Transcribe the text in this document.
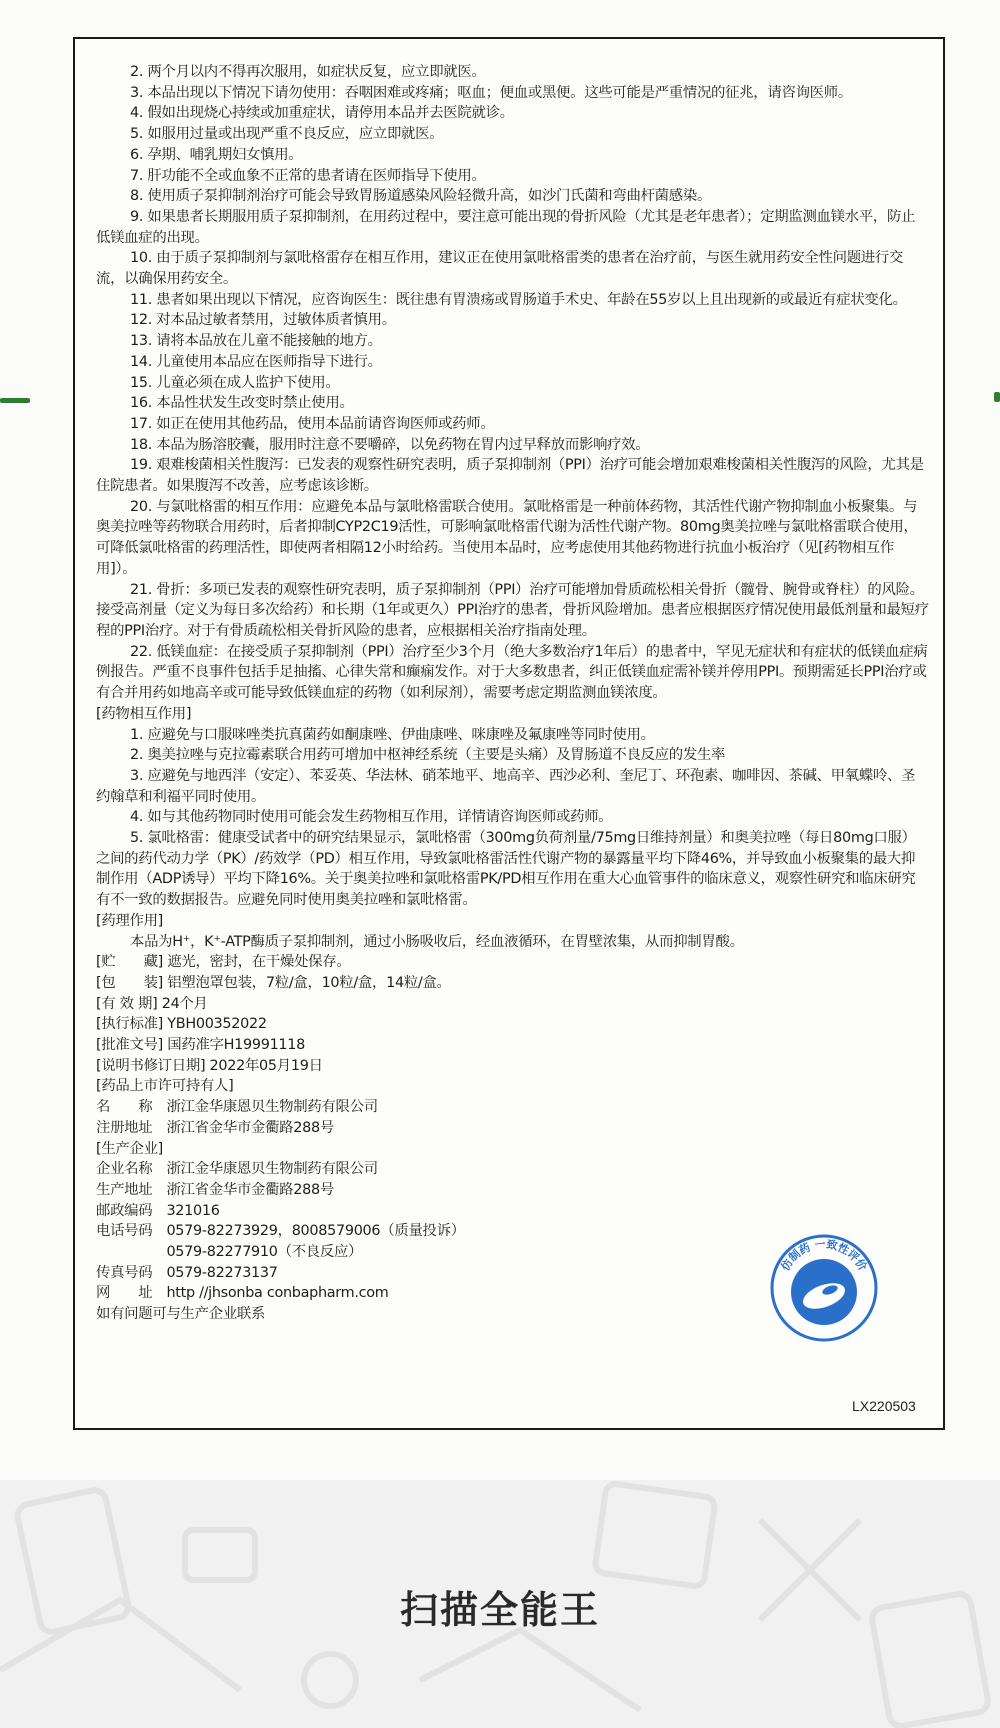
2. 两个月以内不得再次服用，如症状反复，应立即就医。

3. 本品出现以下情况下请勿使用：吞咽困难或疼痛；呕血；便血或黑便。这些可能是严重情况的征兆，请咨询医师。

4. 假如出现烧心持续或加重症状，请停用本品并去医院就诊。

5. 如服用过量或出现严重不良反应，应立即就医。

6. 孕期、哺乳期妇女慎用。

7. 肝功能不全或血象不正常的患者请在医师指导下使用。

8. 使用质子泵抑制剂治疗可能会导致胃肠道感染风险轻微升高，如沙门氏菌和弯曲杆菌感染。

9. 如果患者长期服用质子泵抑制剂，在用药过程中，要注意可能出现的骨折风险（尤其是老年患者）；定期监测血镁水平，防止低镁血症的出现。

10. 由于质子泵抑制剂与氯吡格雷存在相互作用，建议正在使用氯吡格雷类的患者在治疗前，与医生就用药安全性问题进行交流，以确保用药安全。

11. 患者如果出现以下情况，应咨询医生：既往患有胃溃疡或胃肠道手术史、年龄在55岁以上且出现新的或最近有症状变化。

12. 对本品过敏者禁用，过敏体质者慎用。

13. 请将本品放在儿童不能接触的地方。

14. 儿童使用本品应在医师指导下进行。

15. 儿童必须在成人监护下使用。

16. 本品性状发生改变时禁止使用。

17. 如正在使用其他药品，使用本品前请咨询医师或药师。

18. 本品为肠溶胶囊，服用时注意不要嚼碎，以免药物在胃内过早释放而影响疗效。

19. 艰难梭菌相关性腹泻：已发表的观察性研究表明，质子泵抑制剂（PPI）治疗可能会增加艰难梭菌相关性腹泻的风险，尤其是住院患者。如果腹泻不改善，应考虑该诊断。

20. 与氯吡格雷的相互作用：应避免本品与氯吡格雷联合使用。氯吡格雷是一种前体药物，其活性代谢产物抑制血小板聚集。与奥美拉唑等药物联合用药时，后者抑制CYP2C19活性，可影响氯吡格雷代谢为活性代谢产物。80mg奥美拉唑与氯吡格雷联合使用，可降低氯吡格雷的药理活性，即使两者相隔12小时给药。当使用本品时，应考虑使用其他药物进行抗血小板治疗（见[药物相互作用]）。

21. 骨折：多项已发表的观察性研究表明，质子泵抑制剂（PPI）治疗可能增加骨质疏松相关骨折（髋骨、腕骨或脊柱）的风险。接受高剂量（定义为每日多次给药）和长期（1年或更久）PPI治疗的患者，骨折风险增加。患者应根据医疗情况使用最低剂量和最短疗程的PPI治疗。对于有骨质疏松相关骨折风险的患者，应根据相关治疗指南处理。

22. 低镁血症：在接受质子泵抑制剂（PPI）治疗至少3个月（绝大多数治疗1年后）的患者中，罕见无症状和有症状的低镁血症病例报告。严重不良事件包括手足抽搐、心律失常和癫痫发作。对于大多数患者，纠正低镁血症需补镁并停用PPI。预期需延长PPI治疗或有合并用药如地高辛或可能导致低镁血症的药物（如利尿剂），需要考虑定期监测血镁浓度。

[药物相互作用]

1. 应避免与口服咪唑类抗真菌药如酮康唑、伊曲康唑、咪康唑及氟康唑等同时使用。

2. 奥美拉唑与克拉霉素联合用药可增加中枢神经系统（主要是头痛）及胃肠道不良反应的发生率

3. 应避免与地西泮（安定）、苯妥英、华法林、硝苯地平、地高辛、西沙必利、奎尼丁、环孢素、咖啡因、茶碱、甲氧蝶呤、圣约翰草和利福平同时使用。

4. 如与其他药物同时使用可能会发生药物相互作用，详情请咨询医师或药师。

5. 氯吡格雷：健康受试者中的研究结果显示，氯吡格雷（300mg负荷剂量/75mg日维持剂量）和奥美拉唑（每日80mg口服）之间的药代动力学（PK）/药效学（PD）相互作用，导致氯吡格雷活性代谢产物的暴露量平均下降46%，并导致血小板聚集的最大抑制作用（ADP诱导）平均下降16%。关于奥美拉唑和氯吡格雷PK/PD相互作用在重大心血管事件的临床意义，观察性研究和临床研究有不一致的数据报告。应避免同时使用奥美拉唑和氯吡格雷。

[药理作用]

本品为H⁺，K⁺-ATP酶质子泵抑制剂，通过小肠吸收后，经血液循环，在胃壁浓集，从而抑制胃酸。

[贮　　藏] 遮光，密封，在干燥处保存。

[包　　装] 铝塑泡罩包装，7粒/盒，10粒/盒，14粒/盒。

[有 效 期] 24个月

[执行标准] YBH00352022

[批准文号] 国药准字H19991118

[说明书修订日期] 2022年05月19日

[药品上市许可持有人]

名　　称　浙江金华康恩贝生物制药有限公司

注册地址　浙江省金华市金衢路288号

[生产企业]

企业名称　浙江金华康恩贝生物制药有限公司

生产地址　浙江省金华市金衢路288号

邮政编码　321016

电话号码　0579-82273929，8008579006（质量投诉）

　　　　　0579-82277910（不良反应）

传真号码　0579-82273137

网　　址　http //jhsonba conbapharm.com

如有问题可与生产企业联系

仿制药 一致性评价
LX220503
扫描全能王
